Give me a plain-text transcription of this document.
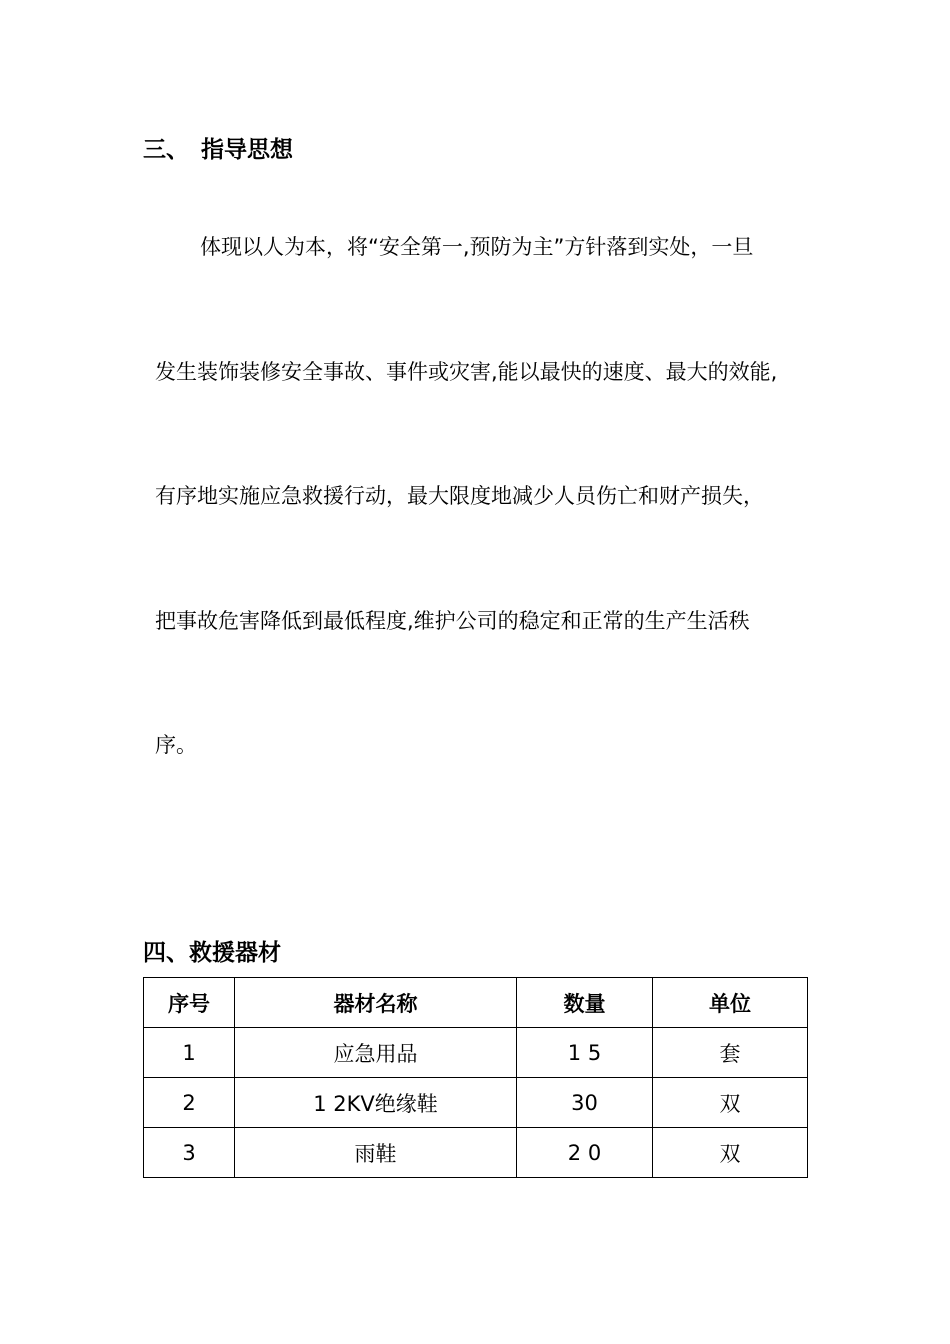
三、 指导思想
体现以人为本，将“安全第一,预防为主”方针落到实处，一旦
发生装饰装修安全事故、事件或灾害,能以最快的速度、最大的效能,
有序地实施应急救援行动，最大限度地减少人员伤亡和财产损失，
把事故危害降低到最低程度,维护公司的稳定和正常的生产生活秩
序。
四、救援器材
序号	器材名称	数量	单位
1	应急用品	1 5	套
2	1 2KV绝缘鞋	30	双
3	雨鞋	2 0	双
